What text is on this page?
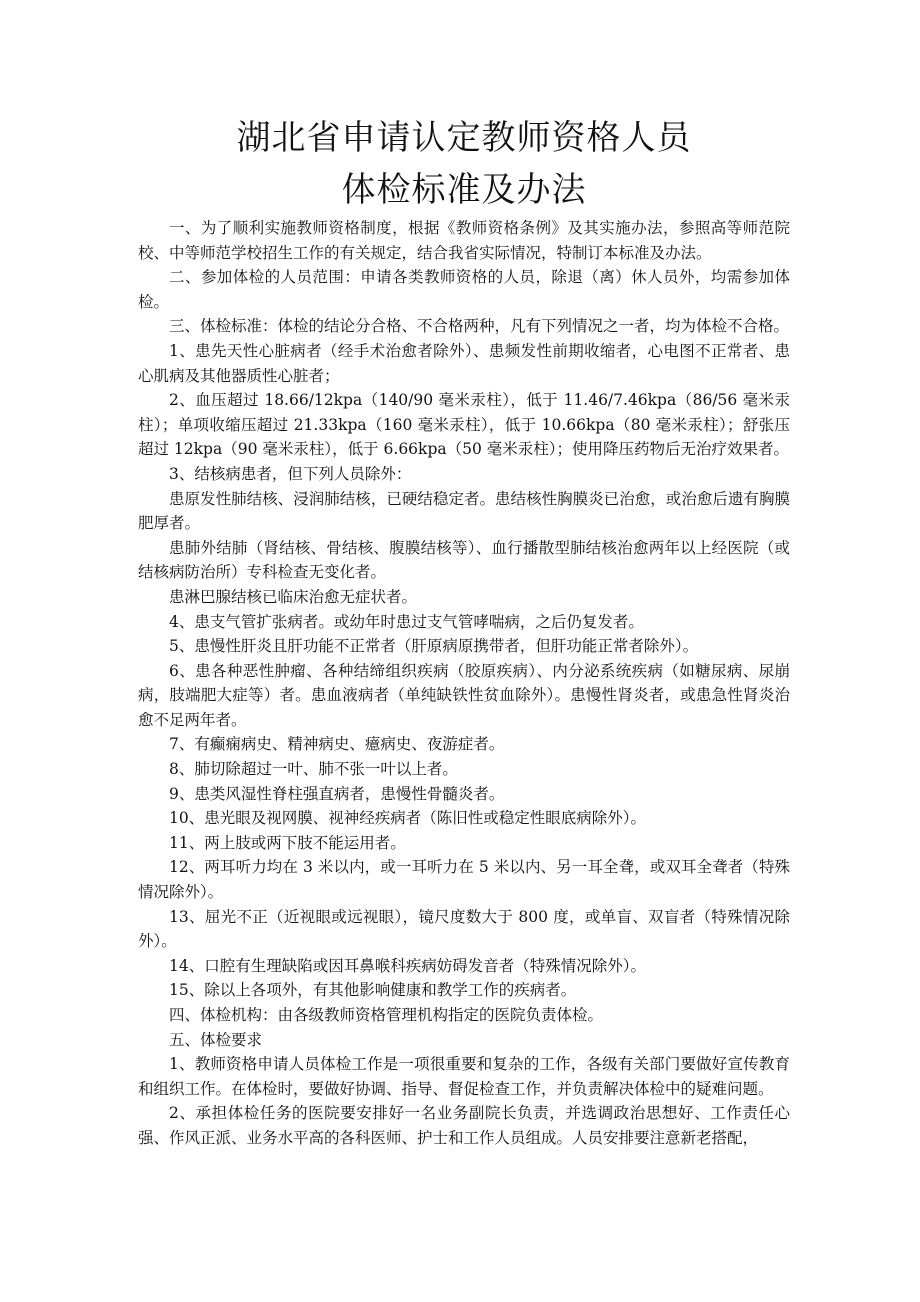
湖北省申请认定教师资格人员
体检标准及办法

一、为了顺利实施教师资格制度，根据《教师资格条例》及其实施办法，参照高等师范院校、中等师范学校招生工作的有关规定，结合我省实际情况，特制订本标准及办法。

二、参加体检的人员范围：申请各类教师资格的人员，除退（离）休人员外，均需参加体检。

三、体检标准：体检的结论分合格、不合格两种，凡有下列情况之一者，均为体检不合格。

1、患先天性心脏病者（经手术治愈者除外）、患频发性前期收缩者，心电图不正常者、患心肌病及其他器质性心脏者；

2、血压超过 18.66/12kpa（140/90 毫米汞柱），低于 11.46/7.46kpa（86/56 毫米汞柱）；单项收缩压超过 21.33kpa（160 毫米汞柱），低于 10.66kpa（80 毫米汞柱）；舒张压超过 12kpa（90 毫米汞柱），低于 6.66kpa（50 毫米汞柱）；使用降压药物后无治疗效果者。

3、结核病患者，但下列人员除外：

患原发性肺结核、浸润肺结核，已硬结稳定者。患结核性胸膜炎已治愈，或治愈后遗有胸膜肥厚者。

患肺外结肺（肾结核、骨结核、腹膜结核等）、血行播散型肺结核治愈两年以上经医院（或结核病防治所）专科检查无变化者。

患淋巴腺结核已临床治愈无症状者。

4、患支气管扩张病者。或幼年时患过支气管哮喘病，之后仍复发者。

5、患慢性肝炎且肝功能不正常者（肝原病原携带者，但肝功能正常者除外）。

6、患各种恶性肿瘤、各种结缔组织疾病（胶原疾病）、内分泌系统疾病（如糖尿病、尿崩病，肢端肥大症等）者。患血液病者（单纯缺铁性贫血除外）。患慢性肾炎者，或患急性肾炎治愈不足两年者。

7、有癫痫病史、精神病史、癔病史、夜游症者。

8、肺切除超过一叶、肺不张一叶以上者。

9、患类风湿性脊柱强直病者，患慢性骨髓炎者。

10、患光眼及视网膜、视神经疾病者（陈旧性或稳定性眼底病除外）。

11、两上肢或两下肢不能运用者。

12、两耳听力均在 3 米以内，或一耳听力在 5 米以内、另一耳全聋，或双耳全聋者（特殊情况除外）。

13、屈光不正（近视眼或远视眼），镜尺度数大于 800 度，或单盲、双盲者（特殊情况除外）。

14、口腔有生理缺陷或因耳鼻喉科疾病妨碍发音者（特殊情况除外）。

15、除以上各项外，有其他影响健康和教学工作的疾病者。

四、体检机构：由各级教师资格管理机构指定的医院负责体检。

五、体检要求

1、教师资格申请人员体检工作是一项很重要和复杂的工作，各级有关部门要做好宣传教育和组织工作。在体检时，要做好协调、指导、督促检查工作，并负责解决体检中的疑难问题。

2、承担体检任务的医院要安排好一名业务副院长负责，并选调政治思想好、工作责任心强、作风正派、业务水平高的各科医师、护士和工作人员组成。人员安排要注意新老搭配，
